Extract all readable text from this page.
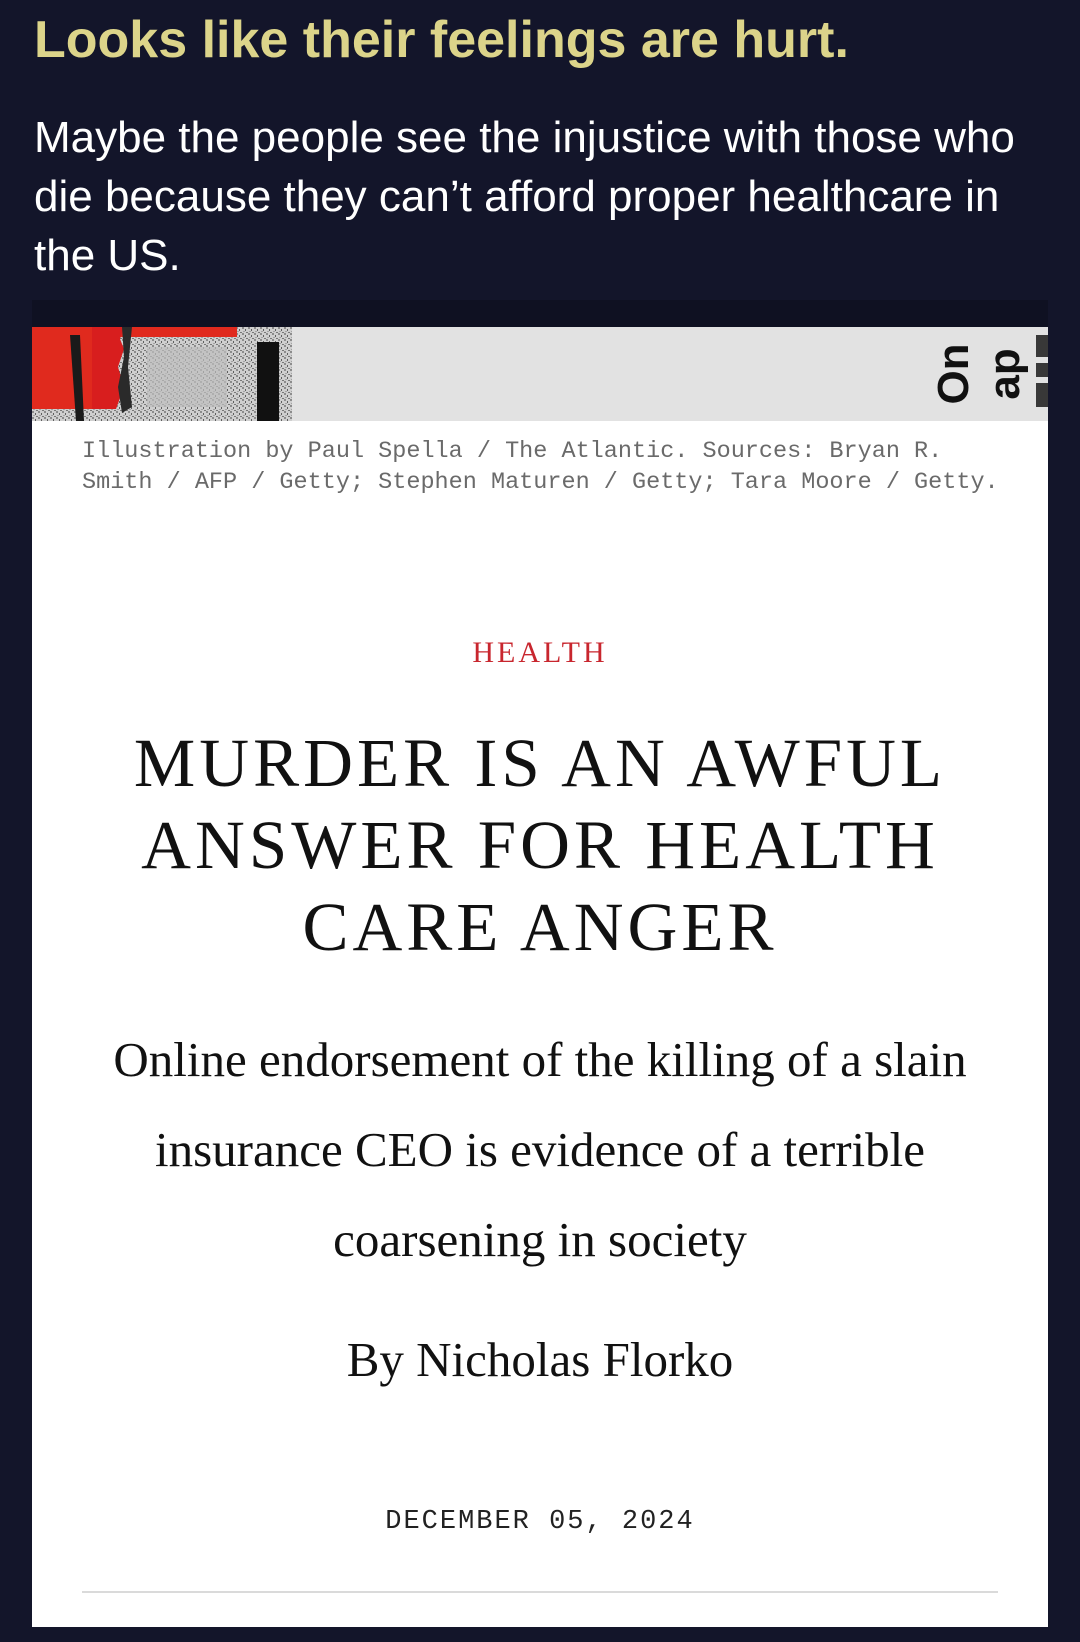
Looks like their feelings are hurt.

Maybe the people see the injustice with those who die because they can’t afford proper healthcare in the US.

On ap

Illustration by Paul Spella / The Atlantic. Sources: Bryan R. Smith / AFP / Getty; Stephen Maturen / Getty; Tara Moore / Getty.

HEALTH
MURDER IS AN AWFUL ANSWER FOR HEALTH CARE ANGER

Online endorsement of the killing of a slain insurance CEO is evidence of a terrible coarsening in society

By Nicholas Florko
DECEMBER 05, 2024
